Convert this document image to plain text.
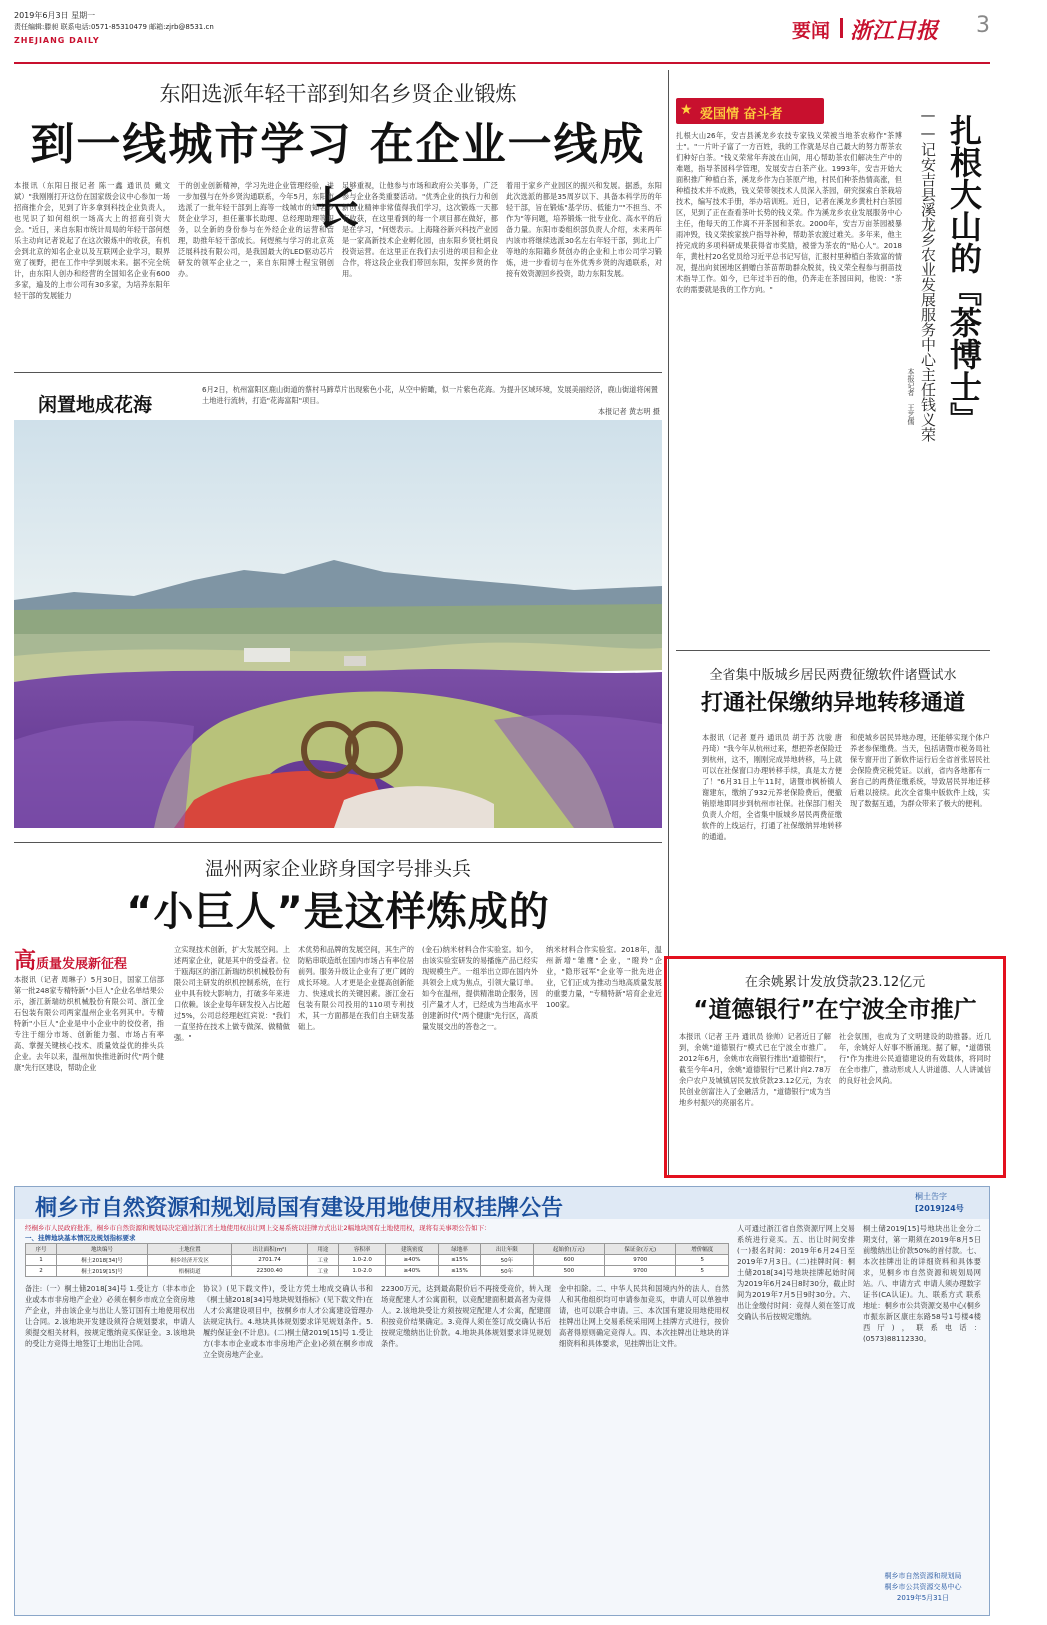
2019年6月3日 星期一
责任编辑:滕昶 联系电话:0571-85310479 邮箱:zjrb@8531.cn
ZHEJIANG DAILY	要闻 浙江日报 3
东阳选派年轻干部到知名乡贤企业锻炼
到一线城市学习 在企业一线成长
本报讯（东阳日报记者 陈一鑫 通讯员 戴文斌）"我刚刚打开这份在国家级会议中心参加一场招商推介会，见到了许多拿到科技企业负责人，也见识了如何组织一场高大上的招商引资大会。"近日，来自东阳市统计局局的年轻干部何煜乐主动向记者说起了在这次锻炼中的收获，有机会到北京的知名企业以及互联网企业学习，眼界宽了视野，把在工作中学到展未来。据不完全统计，由东阳人创办和经营的全国知名企业有600多家，遍及的上市公司有30多家，为培养东阳年轻干部的发展能力
干的创业创新精神，学习先进企业管理经验，进一步加强与在外乡贤沟通联系，今年5月，东阳市选派了一批年轻干部到上海等一线城市的知名乡贤企业学习，担任董事长助理、总经理助理等职务，以全新的身份参与在外经企业的运营和管理，助推年轻干部成长。何煜熊与学习的北京英泛展科技有限公司，是我国最大的LED驱动芯片研发的领军企业之一，来自东阳博士程宝钢创办。
足够重视，让他参与市场和政府公关事务，广泛参与企业各类重要活动。"优秀企业的执行力和创新创业精神非常值得我们学习，这次锻炼一天都有收获，在这里看到的每一个项目都在做好，都是在学习，"何煜表示。上海隆谷新兴科技产业园是一家高新技术企业孵化园，由东阳乡贤杜炳良投资运营。在这里正在我们去引进的项目和企业合作，将这段企业我们带回东阳，发挥乡贤的作用。
着用于家乡产业园区的振兴和发展。据悉，东阳此次选派的都是35周岁以下、具备本科学历的年轻干部，旨在锻炼"基学历、低能力""不担当、不作为"等问题，培养锻炼一批专业化、高水平的后备力量。东阳市委组织部负责人介绍，未来两年内该市将继续选派30名左右年轻干部，到北上广等地的东阳籍乡贤创办的企业和上市公司学习锻炼，进一步看切与在外优秀乡贤的沟通联系，对接有效资源回乡投资，助力东阳发展。
闲置地成花海
6月2日，杭州富阳区鹿山街道的蔡村马蹄草片出现紫色小花，从空中俯瞰，似一片紫色花海。为提升区域环境，发展美丽经济，鹿山街道将闲置土地进行流转，打造"花海富阳"项目。
本报记者 黄志明 摄
温州两家企业跻身国字号排头兵
“小巨人”是这样炼成的
高质量发展新征程
本报讯（记者 周琳子）5月30日，国家工信部第一批248家专精特新"小巨人"企业名单结果公示，浙江新瑞纺织机械股份有限公司、浙江金石包装有限公司两家温州企业名列其中。专精特新"小巨人"企业是中小企业中的佼佼者，指专注于细分市场、创新能力强、市场占有率高、掌握关键核心技术、质量效益优的排头兵企业。去年以来，温州加快推进新时代"两个健康"先行区建设，帮助企业
立实现技术创新，扩大发展空间。上述两家企业，就是其中的受益者。位于瓯海区的浙江新瑞纺织机械股份有限公司主研发的织机控制系统，在行业中具有较大影响力，打破多年来进口依赖。该企业每年研发投入占比超过5%，公司总经理赵红宾说："我们一直坚持在技术上做专做深、做精做强。"
术优势和品牌的发展空间，其生产的防粘串联造纸在国内市场占有率位居前列。服务升级让企业有了更广阔的成长环境。人才更是企业提高创新能力、快速成长的关键因素。浙江金石包装有限公司投用的110项专利技术，其一方面都是在我们自主研发基础上。
(金石)纳米材料合作实验室。如今，由该实验室研发的易播施产品已经实现规模生产。一组举出立即在国内外具领会上成为焦点，引领大量订单。如今在温州，提供精准助企服务，因引产量才人才，已经成为当地高水平创建新时代"两个健康"先行区，高质量发展交出的答卷之一。
纳米材料合作实验室。2018年，温州新增"雏鹰"企业，"瞪羚"企业，"隐形冠军"企业等一批先进企业，它们正成为推动当地高质量发展的重要力量，"专精特新"培育企业近100家。
★ 爱国情 奋斗者
扎根大山26年，安吉县溪龙乡农技专家钱义荣被当地茶农称作"茶博士"。"一片叶子富了一方百姓，我的工作就是尽自己最大的努力帮茶农们种好白茶。"钱义荣常年奔波在山间，用心帮助茶农们解决生产中的难题，指导茶园科学管理，发展安吉白茶产业。1993年，安吉开始大面积推广种植白茶，溪龙乡作为白茶原产地，村民们种茶热情高涨，但种植技术并不成熟，钱义荣带领技术人员深入茶园，研究探索白茶栽培技术，编写技术手册，举办培训班。近日，记者在溪龙乡黄杜村白茶园区，见到了正在查看茶叶长势的钱义荣。作为溪龙乡农业发展服务中心主任，他每天的工作离不开茶园和茶农。2000年，安吉万亩茶园被暴雨冲毁，钱义荣挨家挨户指导补种，帮助茶农渡过难关。多年来，他主持完成的多项科研成果获得省市奖励，被誉为茶农的"贴心人"。2018年，黄杜村20名党员给习近平总书记写信，汇报村里种植白茶致富的情况，提出向贫困地区捐赠白茶苗帮助群众脱贫，钱义荣全程参与捐苗技术指导工作。如今，已年过半百的他，仍奔走在茶园田间，他说："茶农的需要就是我的工作方向。"	扎根大山的『茶博士』
——记安吉县溪龙乡农业发展服务中心主任钱义荣
本报记者 王艺儒
全省集中版城乡居民两费征缴软件诸暨试水
打通社保缴纳异地转移通道
本报讯（记者 夏丹 通讯员 胡于苏 沈骏 唐丹琦）"我今年从杭州过来，想把养老保险迁到杭州，这不，刚刚完成异地转移，马上就可以在社保窗口办理转移手续，真是太方便了！"6月31日上午11时，诸暨市枫桥镇人谢建东，缴纳了932元养老保险费后，便撤销原地即同步到杭州市社保。社保部门相关负责人介绍，全省集中版城乡居民两费征缴软件的上线运行，打通了社保缴纳异地转移的通道。
和使城乡居民异地办理，还能够实现个体户养老参保缴费。当天，包括诸暨市税务局社保专窗开出了新软件运行后全省首张居民社会保险费完税凭证。以前，省内各地都有一套自己的两费征缴系统，导致居民异地迁移后难以接续。此次全省集中版软件上线，实现了数据互通，为群众带来了极大的便利。
在余姚累计发放贷款23.12亿元
“道德银行”在宁波全市推广
本报讯（记者 王丹 通讯员 徐帅）记者近日了解到，余姚"道德银行"模式已在宁波全市推广。2012年6月，余姚市农商银行推出"道德银行"，截至今年4月，余姚"道德银行"已累计向2.78万余户农户及城镇居民发放贷款23.12亿元，为农民创业创富注入了金融活力，"道德银行"成为当地乡村振兴的亮丽名片。
社会氛围，也成为了文明建设的助推器。近几年，余姚好人好事不断涌现。据了解，"道德银行"作为推进公民道德建设的有效载体，将同时在全市推广，推动形成人人讲道德、人人讲诚信的良好社会风尚。
桐乡市自然资源和规划局国有建设用地使用权挂牌公告	桐土告字
[2019]24号
经桐乡市人民政府批准，桐乡市自然资源和规划局决定通过浙江省土地使用权出让网上交易系统以挂牌方式出让2幅地块国有土地使用权，现将有关事项公告如下：
一、挂牌地块基本情况及规划指标要求
序号	地块编号	土地位置	出让面积(m²)	用途	容积率	建筑密度	绿地率	出让年限	起始价(万元)	保证金(万元)	增价幅度
1	桐土2018[34]号	桐乡经济开发区	2701.74	工业	1.0-2.0	≥40%	≤15%	50年	600	9700	5
2	桐土2019[15]号	梧桐街道	22300.40	工业	1.0-2.0	≥40%	≤15%	50年	500	9700	5
备注:（一）桐土储2018[34]号 1.受让方（非本市企业或本市非房地产企业）必须在桐乡市成立全资房地产企业，并由该企业与出让人签订国有土地使用权出让合同。2.该地块开发建设须符合规划要求，申请人须提交相关材料，按规定缴纳竞买保证金。3.该地块的受让方竞得土地签订土地出让合同。
协议》(见下载文件)，受让方凭土地成交确认书和《桐土储2018[34]号地块规划指标》(见下载文件)在人才公寓建设项目中，按桐乡市人才公寓建设管理办法规定执行。4.地块具体规划要求详见规划条件。5.履约保证金(不计息)。(二)桐土储2019[15]号 1.受让方(非本市企业或本市非房地产企业)必须在桐乡市成立全资房地产企业。
22300万元，达到最高限价后不再接受竞价，转入现场竞配建人才公寓面积，以竞配建面积最高者为竞得人。2.该地块受让方须按规定配建人才公寓，配建面积按竞价结果确定。3.竞得人须在签订成交确认书后按规定缴纳出让价款。4.地块具体规划要求详见规划条件。
金中扣除。二、中华人民共和国境内外的法人、自然人和其他组织均可申请参加竞买，申请人可以单独申请，也可以联合申请。三、本次国有建设用地使用权挂牌出让网上交易系统采用网上挂牌方式进行，按价高者得原则确定竞得人。四、本次挂牌出让地块的详细资料和具体要求，见挂牌出让文件。
人可通过浙江省自然资源厅网上交易系统进行竞买。五、出让时间安排 (一)报名时间：2019年6月24日至2019年7月3日。(二)挂牌时间：桐土储2018[34]号地块挂牌起始时间为2019年6月24日8时30分，截止时间为2019年7月5日9时30分。六、出让金缴付时间：竞得人须在签订成交确认书后按规定缴纳。
桐土储2019[15]号地块出让金分二期支付，第一期须在2019年8月5日前缴纳出让价款50%的首付款。七、本次挂牌出让的详细资料和具体要求，见桐乡市自然资源和规划局网站。八、申请方式 申请人须办理数字证书(CA认证)。九、联系方式 联系地址：桐乡市公共资源交易中心(桐乡市振东新区康庄东路58号1号楼4楼西厅)，联系电话：(0573)88112330。
桐乡市自然资源和规划局
桐乡市公共资源交易中心
2019年5月31日
